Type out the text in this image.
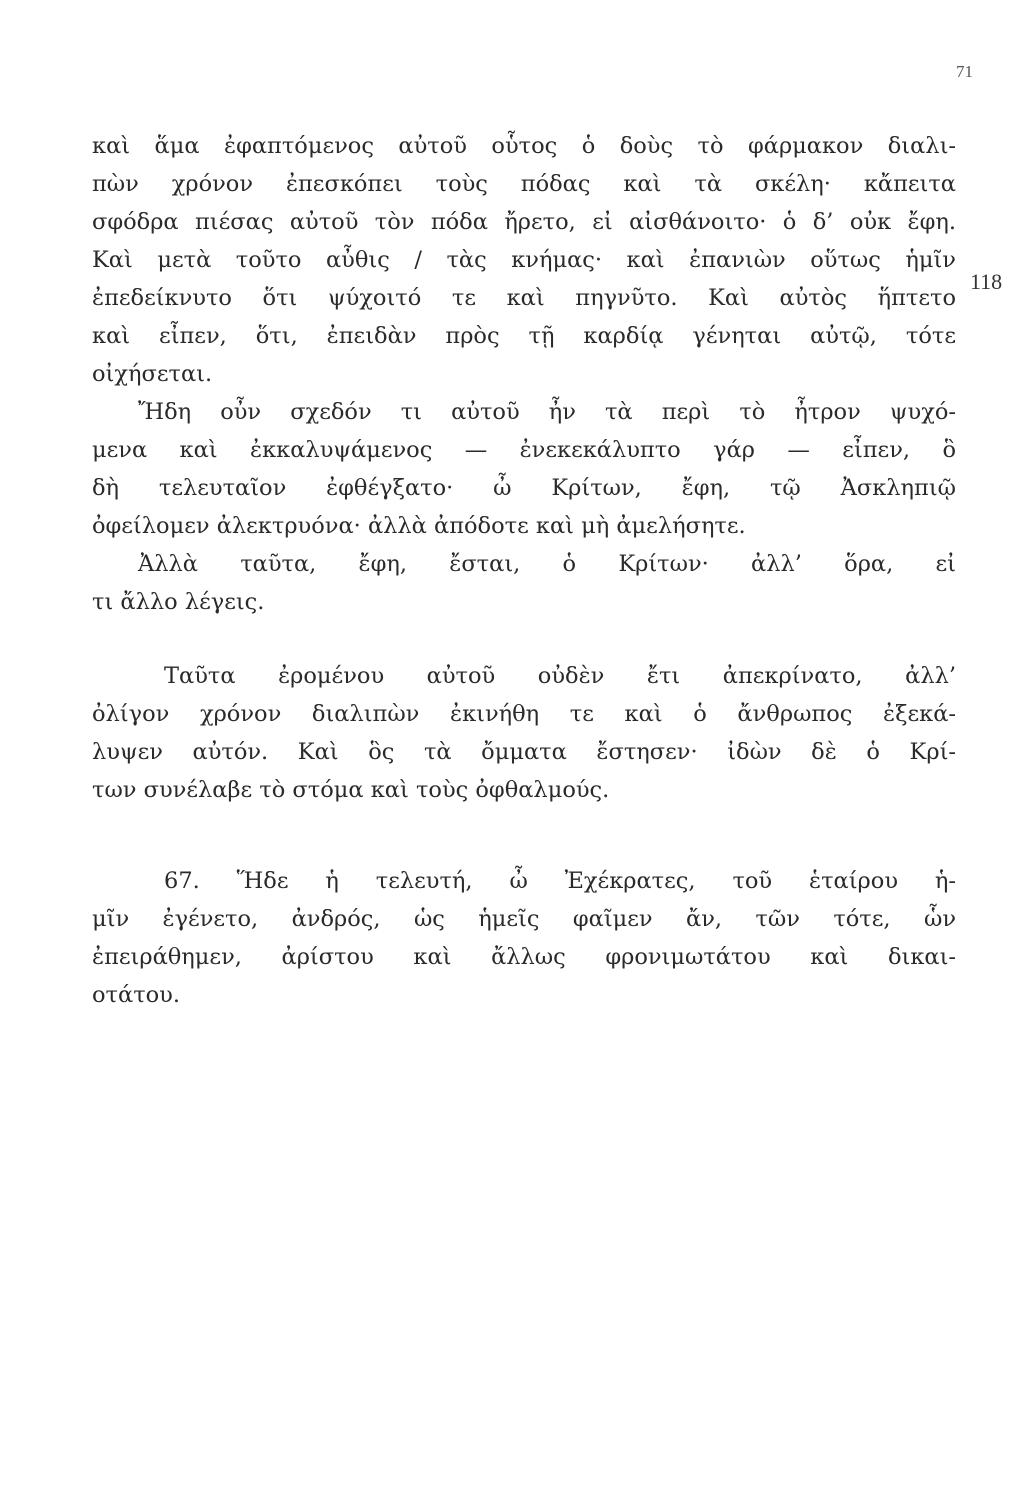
71
118
καὶ ἅμα ἐφαπτόμενος αὐτοῦ οὗτος ὁ δοὺς τὸ φάρμακον διαλι-
πὼν χρόνον ἐπεσκόπει τοὺς πόδας καὶ τὰ σκέλη· κἄπειτα
σφόδρα πιέσας αὐτοῦ τὸν πόδα ἤρετο, εἰ αἰσθάνοιτο· ὁ δ’ οὐκ ἔφη.
Καὶ μετὰ τοῦτο αὖθις / τὰς κνήμας· καὶ ἐπανιὼν οὕτως ἡμῖν
ἐπεδείκνυτο ὅτι ψύχοιτό τε καὶ πηγνῦτο. Καὶ αὐτὸς ἥπτετο
καὶ εἶπεν, ὅτι, ἐπειδὰν πρὸς τῇ καρδίᾳ γένηται αὐτῷ, τότε
οἰχήσεται.
Ἤδη οὖν σχεδόν τι αὐτοῦ ἦν τὰ περὶ τὸ ἦτρον ψυχό-
μενα καὶ ἐκκαλυψάμενος — ἐνεκεκάλυπτο γάρ — εἶπεν, ὃ
δὴ τελευταῖον ἐφθέγξατο· ὦ Κρίτων, ἔφη, τῷ Ἀσκληπιῷ
ὀφείλομεν ἀλεκτρυόνα· ἀλλὰ ἀπόδοτε καὶ μὴ ἀμελήσητε.
Ἀλλὰ ταῦτα, ἔφη, ἔσται, ὁ Κρίτων· ἀλλ’ ὅρα, εἰ
τι ἄλλο λέγεις.
Ταῦτα ἐρομένου αὐτοῦ οὐδὲν ἔτι ἀπεκρίνατο, ἀλλ’
ὀλίγον χρόνον διαλιπὼν ἐκινήθη τε καὶ ὁ ἄνθρωπος ἐξεκά-
λυψεν αὐτόν. Καὶ ὃς τὰ ὄμματα ἔστησεν· ἰδὼν δὲ ὁ Κρί-
των συνέλαβε τὸ στόμα καὶ τοὺς ὀφθαλμούς.
67. Ἥδε ἡ τελευτή, ὦ Ἐχέκρατες, τοῦ ἑταίρου ἡ-
μῖν ἐγένετο, ἀνδρός, ὡς ἡμεῖς φαῖμεν ἄν, τῶν τότε, ὧν
ἐπειράθημεν, ἀρίστου καὶ ἄλλως φρονιμωτάτου καὶ δικαι-
οτάτου.
